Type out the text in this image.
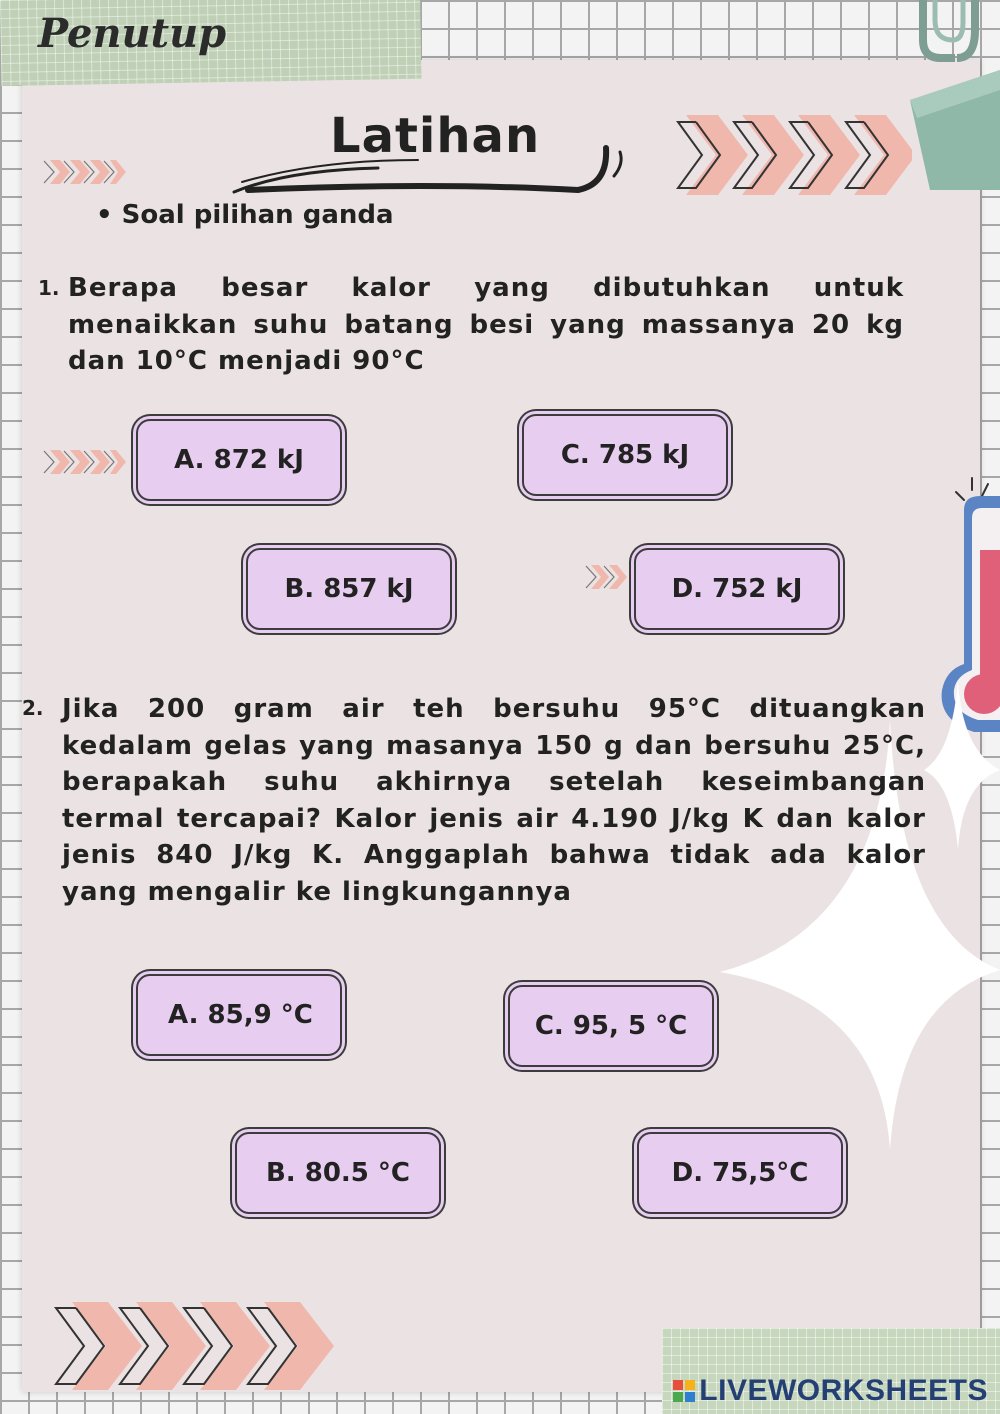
Penutup
Latihan
• Soal pilihan ganda
1. Berapa besar kalor yang dibutuhkan untuk menaikkan suhu batang besi yang massanya 20 kg dan 10°C menjadi 90°C

A. 872 kJ	C. 785 kJ
B. 857 kJ	D. 752 kJ
2. Jika 200 gram air teh bersuhu 95°C dituangkan kedalam gelas yang masanya 150 g dan bersuhu 25°C, berapakah suhu akhirnya setelah keseimbangan termal tercapai? Kalor jenis air 4.190 J/kg K dan kalor jenis 840 J/kg K. Anggaplah bahwa tidak ada kalor yang mengalir ke lingkungannya

A. 85,9 °C	C. 95, 5 °C
B. 80.5 °C	D. 75,5°C
LIVEWORKSHEETS
